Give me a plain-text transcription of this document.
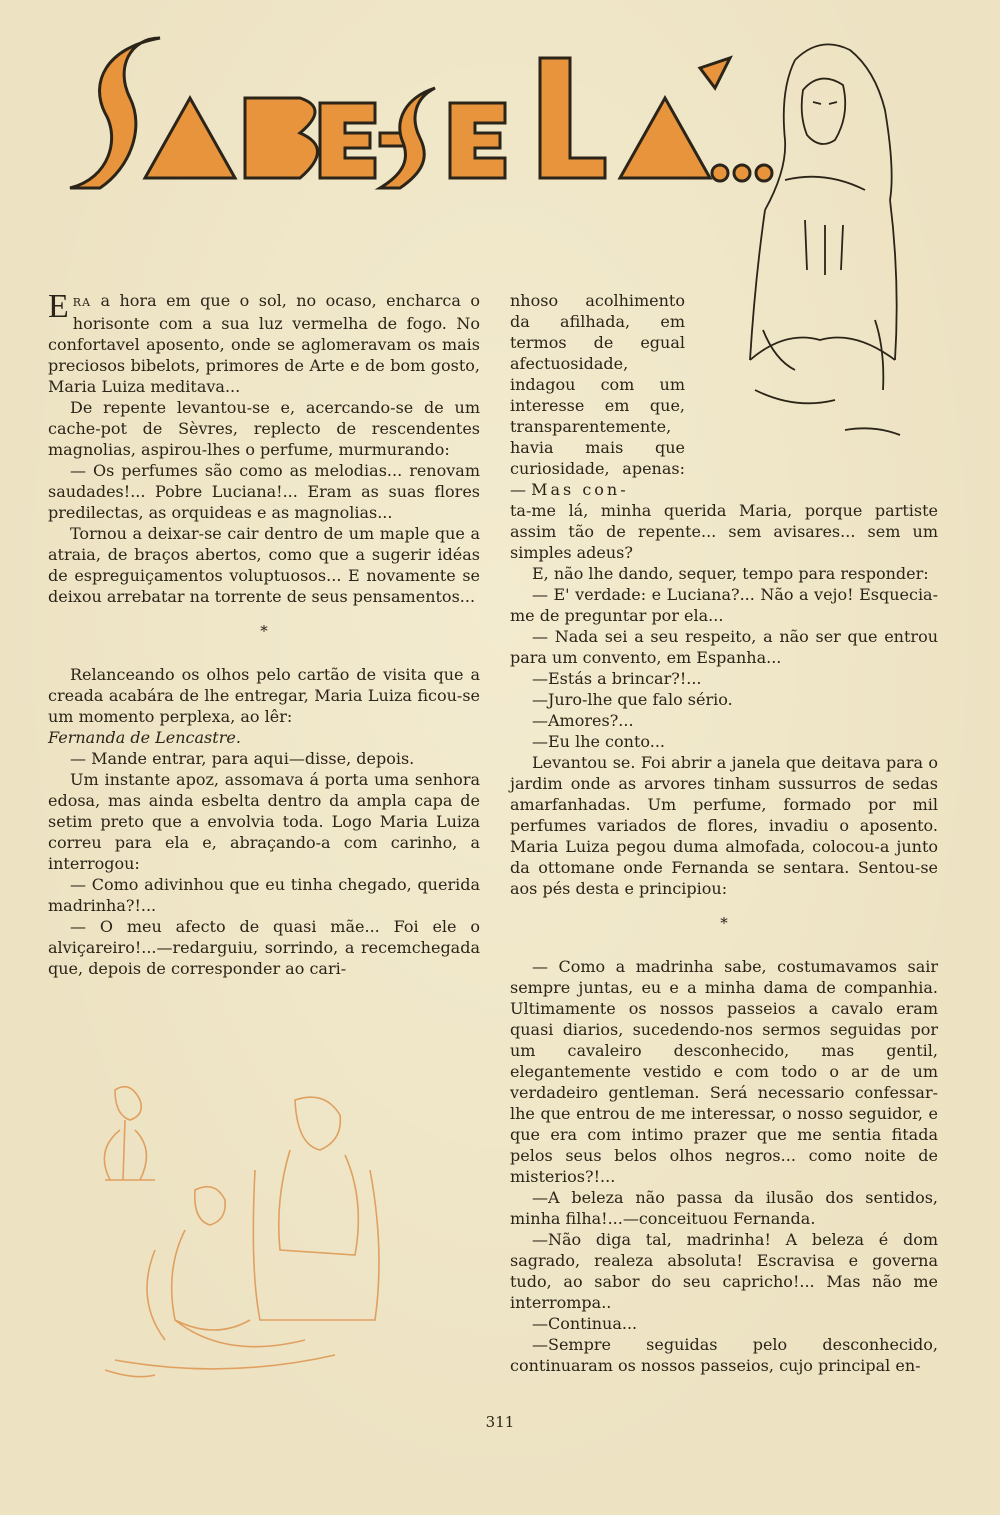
ERA a hora em que o sol, no ocaso, encharca o horisonte com a sua luz vermelha de fogo. No confortavel aposento, onde se aglomeravam os mais preciosos bibelots, primores de Arte e de bom gosto, Maria Luiza meditava...

De repente levantou-se e, acercando-se de um cache-pot de Sèvres, replecto de rescendentes magnolias, aspirou-lhes o perfume, murmurando:

— Os perfumes são como as melodias... renovam saudades!... Pobre Luciana!... Eram as suas flores predilectas, as orquideas e as magnolias...

Tornou a deixar-se cair dentro de um maple que a atraia, de braços abertos, como que a sugerir idéas de espreguiçamentos voluptuosos... E novamente se deixou arrebatar na torrente de seus pensamentos...

*

Relanceando os olhos pelo cartão de visita que a creada acabára de lhe entregar, Maria Luiza ficou-se um momento perplexa, ao lêr:

Fernanda de Lencastre.

— Mande entrar, para aqui—disse, depois.

Um instante apoz, assomava á porta uma senhora edosa, mas ainda esbelta dentro da ampla capa de setim preto que a envolvia toda. Logo Maria Luiza correu para ela e, abraçando-a com carinho, a interrogou:

— Como adivinhou que eu tinha chegado, querida madrinha?!...

— O meu afecto de quasi mãe... Foi ele o alviçareiro!...—redarguiu, sorrindo, a recemchegada que, depois de corresponder ao cari-

nhoso acolhimento da afilhada, em termos de egual afectuosidade, indagou com um interesse em que, transparentemente, havia mais que curiosidade, apenas: — Mas con-

ta-me lá, minha querida Maria, porque partiste assim tão de repente... sem avisares... sem um simples adeus?

E, não lhe dando, sequer, tempo para responder:

— E' verdade: e Luciana?... Não a vejo! Esquecia-me de preguntar por ela...

— Nada sei a seu respeito, a não ser que entrou para um convento, em Espanha...

—Estás a brincar?!...

—Juro-lhe que falo sério.

—Amores?...

—Eu lhe conto...

Levantou se. Foi abrir a janela que deitava para o jardim onde as arvores tinham sussurros de sedas amarfanhadas. Um perfume, formado por mil perfumes variados de flores, invadiu o aposento. Maria Luiza pegou duma almofada, colocou-a junto da ottomane onde Fernanda se sentara. Sentou-se aos pés desta e principiou:

*

— Como a madrinha sabe, costumavamos sair sempre juntas, eu e a minha dama de companhia. Ultimamente os nossos passeios a cavalo eram quasi diarios, sucedendo-nos sermos seguidas por um cavaleiro desconhecido, mas gentil, elegantemente vestido e com todo o ar de um verdadeiro gentleman. Será necessario confessar-lhe que entrou de me interessar, o nosso seguidor, e que era com intimo prazer que me sentia fitada pelos seus belos olhos negros... como noite de misterios?!...

—A beleza não passa da ilusão dos sentidos, minha filha!...—conceituou Fernanda.

—Não diga tal, madrinha! A beleza é dom sagrado, realeza absoluta! Escravisa e governa tudo, ao sabor do seu capricho!... Mas não me interrompa..

—Continua...

—Sempre seguidas pelo desconhecido, continuaram os nossos passeios, cujo principal en-

311
